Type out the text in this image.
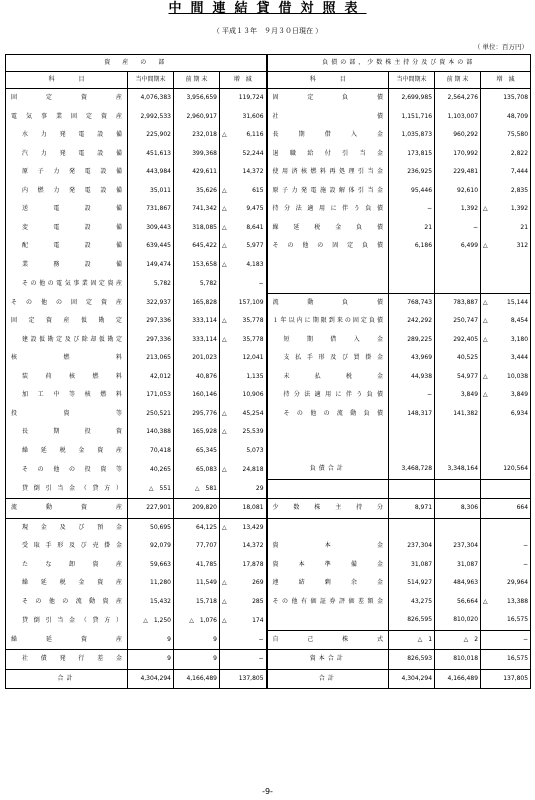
中間連結貸借対照表
（ 平成１３年　９月３０日現在 ）
（ 単位：百万円）
資　産　の　部				負債の部，少数株主持分及び資本の部			
科　　　　目	当中間期末	前 期 末	増　減	科　　　　目	当中間期末	前 期 末	増　減
固定資産	4,076,383	3,956,659	119,724	固定負債	2,699,985	2,564,276	135,708
電気事業固定資産	2,992,533	2,960,917	31,606	社債	1,151,716	1,103,007	48,709
水力発電設備	225,902	232,018	△ 6,116	長期借入金	1,035,873	960,292	75,580
汽力発電設備	451,613	399,368	52,244	退職給付引当金	173,815	170,992	2,822
原子力発電設備	443,984	429,611	14,372	使用済核燃料再処理引当金	236,925	229,481	7,444
内燃力発電設備	35,011	35,626	△ 615	原子力発電施設解体引当金	95,446	92,610	2,835
送電設備	731,867	741,342	△ 9,475	持分法適用に伴う負債	−	1,392	△ 1,392
変電設備	309,443	318,085	△ 8,641	繰延税金負債	21	−	21
配電設備	639,445	645,422	△ 5,977	その他の固定負債	6,186	6,499	△ 312
業務設備	149,474	153,658	△ 4,183				

その他の電気事業固定資産	5,782	5,782	−				

その他の固定資産	322,937	165,828	157,109	流動負債	768,743	783,887	△ 15,144
固定資産仮勘定	297,336	333,114	△ 35,778	１年以内に期限到来の固定負債	242,292	250,747	△ 8,454
建設仮勘定及び除却仮勘定	297,336	333,114	△ 35,778	短期借入金	289,225	292,405	△ 3,180
核燃料	213,065	201,023	12,041	支払手形及び買掛金	43,969	40,525	3,444
装荷核燃料	42,012	40,876	1,135	未払税金	44,938	54,977	△ 10,038
加工中等核燃料	171,053	160,146	10,906	持分法適用に伴う負債	−	3,849	△ 3,849
投資等	250,521	295,776	△ 45,254	その他の流動負債	148,317	141,382	6,934
長期投資	140,388	165,928	△ 25,539				

繰延税金資産	70,418	65,345	5,073				

その他の投資等	40,265	65,083	△ 24,818	負債合計	3,468,728	3,348,164	120,564
貸倒引当金（貸方）	△　551	△　581	29				

流動資産	227,901	209,820	18,081	少数株主持分	8,971	8,306	664
現金及び預金	50,695	64,125	△ 13,429				

受取手形及び売掛金	92,079	77,707	14,372	資本金	237,304	237,304	−
たな卸資産	59,663	41,785	17,878	資本準備金	31,087	31,087	−
繰延税金資産	11,280	11,549	△ 269	連結剰余金	514,927	484,963	29,964
その他の流動資産	15,432	15,718	△ 285	その他有価証券評価差額金	43,275	56,664	△ 13,388
貸倒引当金（貸方）	△　1,250	△　1,076	△ 174		826,595	810,020	16,575
繰延資産	9	9	−	自己株式	△　1	△　2	−
社債発行差金	9	9	−	資本合計	826,593	810,018	16,575
合計	4,304,294	4,166,489	137,805	合計	4,304,294	4,166,489	137,805
-9-
